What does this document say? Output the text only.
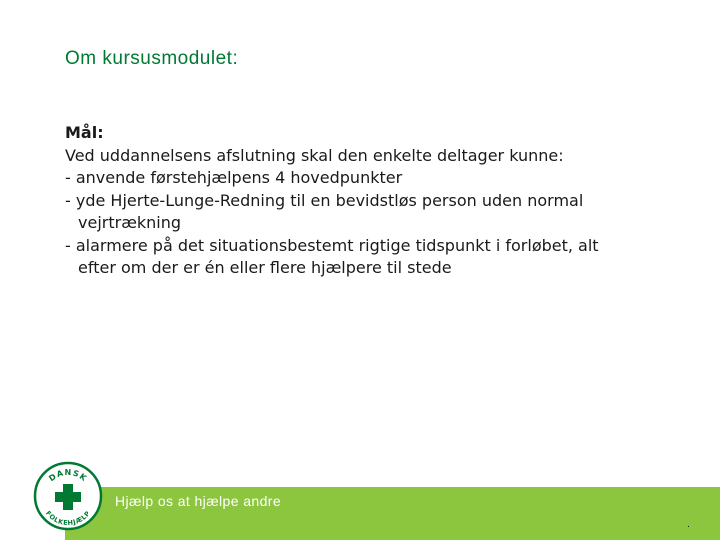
Om kursusmodulet:
Mål:
Ved uddannelsens afslutning skal den enkelte deltager kunne:
- anvende førstehjælpens 4 hovedpunkter
- yde Hjerte-Lunge-Redning til en bevidstløs person uden normal
vejrtrækning
- alarmere på det situationsbestemt rigtige tidspunkt i forløbet, alt
efter om der er én eller flere hjælpere til stede
Hjælp os at hjælpe andre
.
DANSK
FOLKEHJÆLP
